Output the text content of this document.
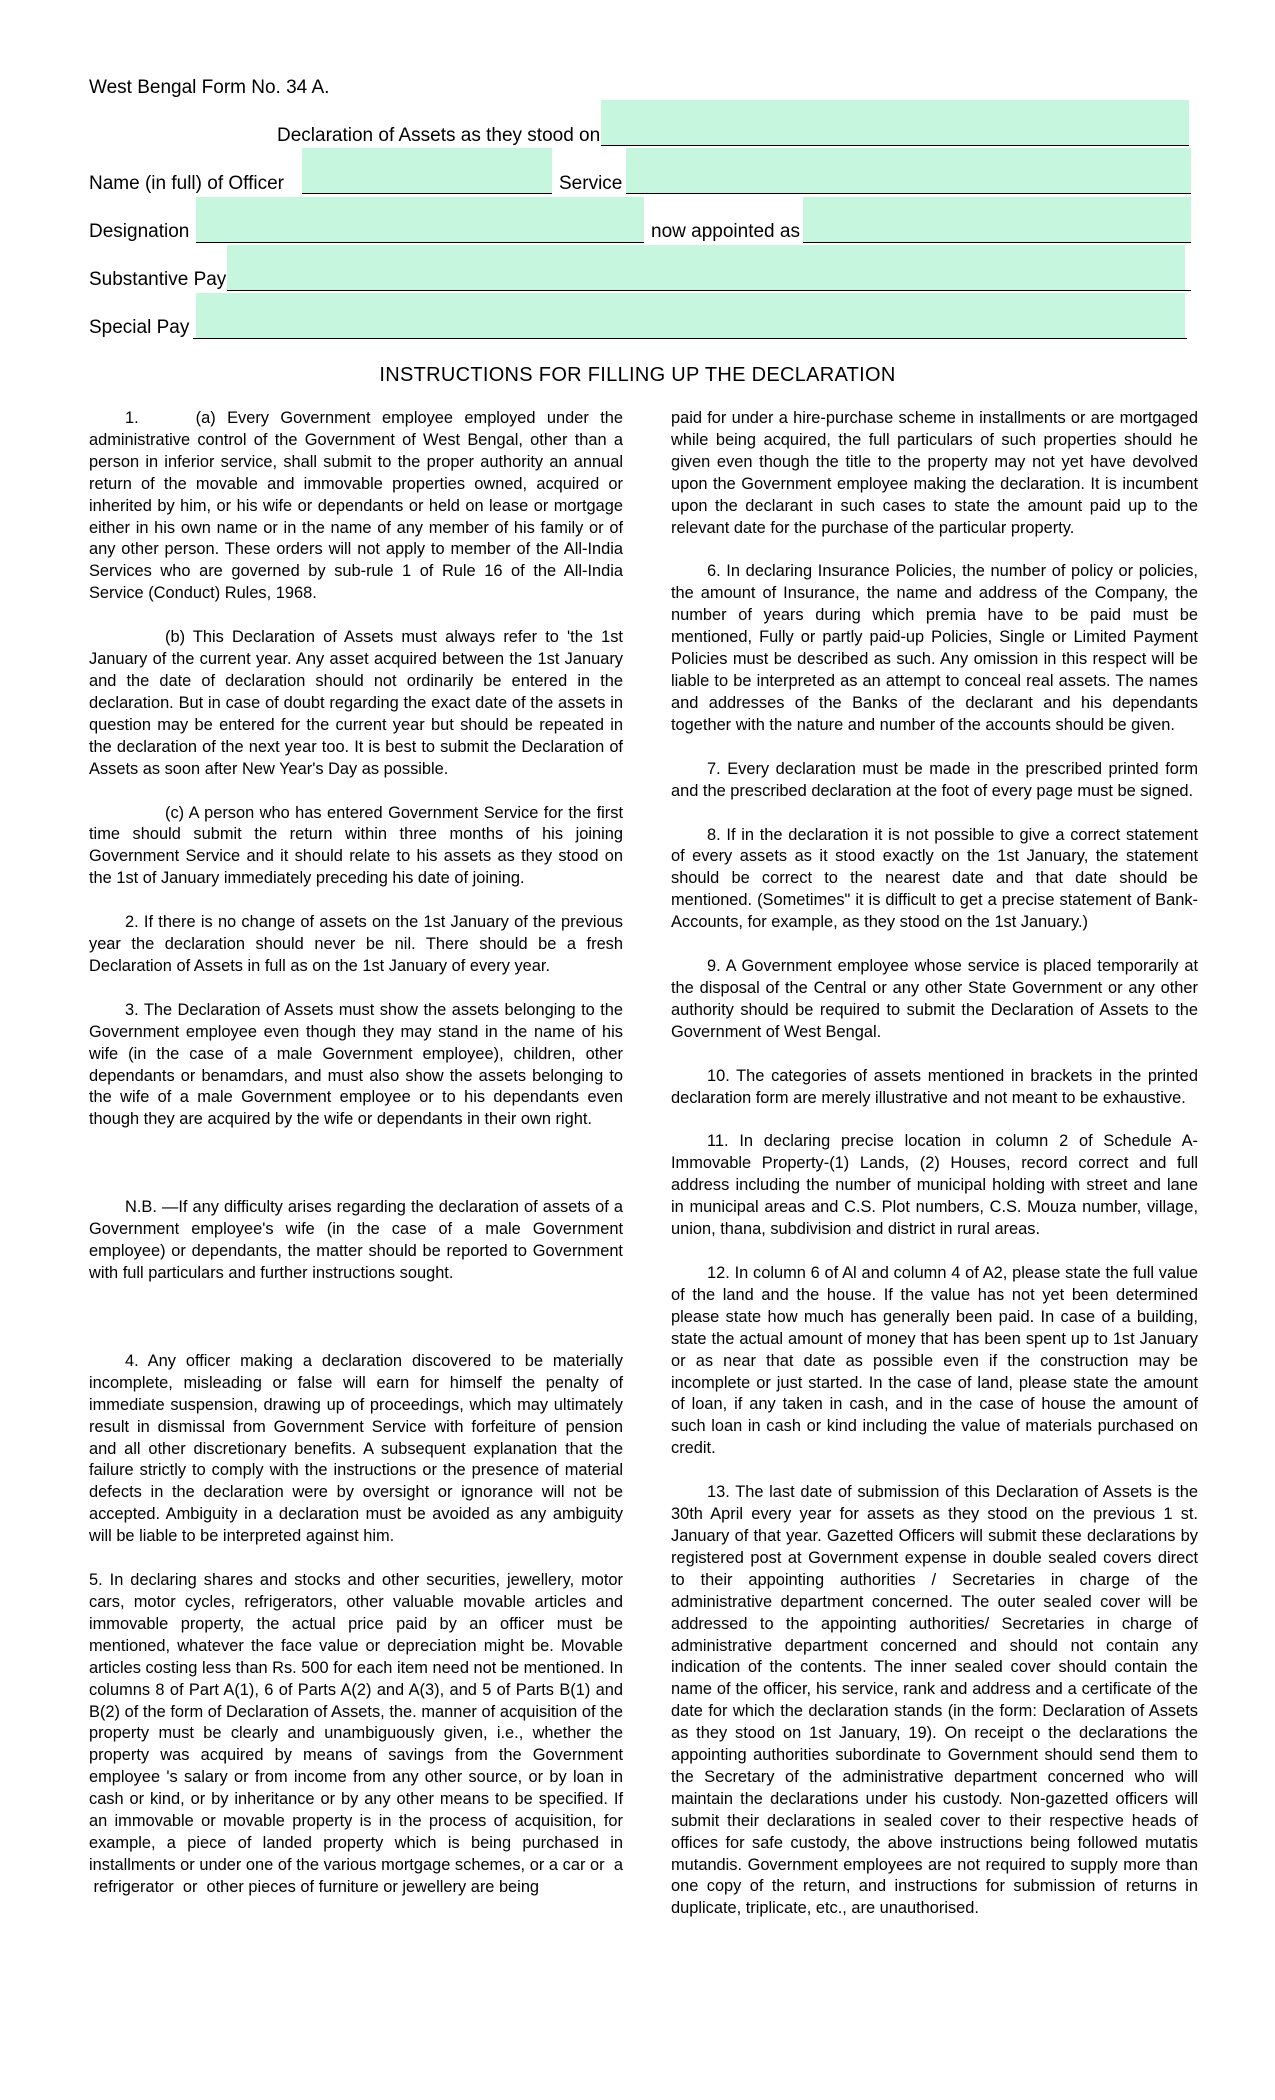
West Bengal Form No. 34 A.
Declaration of Assets as they stood on
Name (in full) of Officer	Service
Designation	now appointed as
Substantive Pay
Special Pay
INSTRUCTIONS FOR FILLING UP THE DECLARATION

1.     (a) Every Government employee employed under the administrative control of the Government of West Bengal, other than a person in inferior service, shall submit to the proper authority an annual return of the movable and immovable properties owned, acquired or inherited by him, or his wife or dependants or held on lease or mortgage either in his own name or in the name of any member of his family or of any other person. These orders will not apply to member of the All-India Services who are governed by sub-rule 1 of Rule 16 of the All-India Service (Conduct) Rules, 1968.

(b) This Declaration of Assets must always refer to 'the 1st January of the current year. Any asset acquired between the 1st January and the date of declaration should not ordinarily be entered in the declaration. But in case of doubt regarding the exact date of the assets in question may be entered for the current year but should be repeated in the declaration of the next year too. It is best to submit the Declaration of Assets as soon after New Year's Day as possible.

(c) A person who has entered Government Service for the first time should submit the return within three months of his joining Government Service and it should relate to his assets as they stood on the 1st of January immediately preceding his date of joining.

2. If there is no change of assets on the 1st January of the previous year the declaration should never be nil. There should be a fresh Declaration of Assets in full as on the 1st January of every year.

3. The Declaration of Assets must show the assets belonging to the Government employee even though they may stand in the name of his wife (in the case of a male Government employee), children, other dependants or benamdars, and must also show the assets belonging to the wife of a male Government employee or to his dependants even though they are acquired by the wife or dependants in their own right.

N.B. —If any difficulty arises regarding the declaration of assets of a Government employee's wife (in the case of a male Government employee) or dependants, the matter should be reported to Government with full particulars and further instructions sought.

4. Any officer making a declaration discovered to be materially incomplete, misleading or false will earn for himself the penalty of immediate suspension, drawing up of proceedings, which may ultimately result in dismissal from Government Service with forfeiture of pension and all other discretionary benefits. A subsequent explanation that the failure strictly to comply with the instructions or the presence of material defects in the declaration were by oversight or ignorance will not be accepted. Ambiguity in a declaration must be avoided as any ambiguity will be liable to be interpreted against him.

5. In declaring shares and stocks and other securities, jewellery, motor cars, motor cycles, refrigerators, other valuable movable articles and immovable property, the actual price paid by an officer must be mentioned, whatever the face value or depreciation might be. Movable articles costing less than Rs. 500 for each item need not be mentioned. In columns 8 of Part A(1), 6 of Parts A(2) and A(3), and 5 of Parts B(1) and B(2) of the form of Declaration of Assets, the. manner of acquisition of the property must be clearly and unambiguously given, i.e., whether the property was acquired by means of savings from the Government employee 's salary or from income from any other source, or by loan in cash or kind, or by inheritance or by any other means to be specified. If an immovable or movable property is in the process of acquisition, for example, a piece of landed property which is being purchased in installments or under one of the various mortgage schemes, or a car or  a  refrigerator  or  other pieces of furniture or jewellery are being

paid for under a hire-purchase scheme in installments or are mortgaged while being acquired, the full particulars of such properties should he given even though the title to the property may not yet have devolved upon the Government employee making the declaration. It is incumbent upon the declarant in such cases to state the amount paid up to the relevant date for the purchase of the particular property.

6. In declaring Insurance Policies, the number of policy or policies, the amount of Insurance, the name and address of the Company, the number of years during which premia have to be paid must be mentioned, Fully or partly paid-up Policies, Single or Limited Payment Policies must be described as such. Any omission in this respect will be liable to be interpreted as an attempt to conceal real assets. The names and addresses of the Banks of the declarant and his dependants together with the nature and number of the accounts should be given.

7. Every declaration must be made in the prescribed printed form and the prescribed declaration at the foot of every page must be signed.

8. If in the declaration it is not possible to give a correct statement of every assets as it stood exactly on the 1st January, the statement should be correct to the nearest date and that date should be mentioned. (Sometimes" it is difficult to get a precise statement of Bank-Accounts, for example, as they stood on the 1st January.)

9. A Government employee whose service is placed temporarily at the disposal of the Central or any other State Government or any other authority should be required to submit the Declaration of Assets to the Government of West Bengal.

10. The categories of assets mentioned in brackets in the printed declaration form are merely illustrative and not meant to be exhaustive.

11. In declaring precise location in column 2 of Schedule A-Immovable Property-(1) Lands, (2) Houses, record correct and full address including the number of municipal holding with street and lane in municipal areas and C.S. Plot numbers, C.S. Mouza number, village, union, thana, subdivision and district in rural areas.

12. In column 6 of Al and column 4 of A2, please state the full value of the land and the house. If the value has not yet been determined please state how much has generally been paid. In case of a building, state the actual amount of money that has been spent up to 1st January or as near that date as possible even if the construction may be incomplete or just started. In the case of land, please state the amount of loan, if any taken in cash, and in the case of house the amount of such loan in cash or kind including the value of materials purchased on credit.

13. The last date of submission of this Declaration of Assets is the 30th April every year for assets as they stood on the previous 1 st. January of that year. Gazetted Officers will submit these declarations by registered post at Government expense in double sealed covers direct to their appointing authorities / Secretaries in charge of the administrative department concerned. The outer sealed cover will be addressed to the appointing authorities/ Secretaries in charge of administrative department concerned and should not contain any indication of the contents. The inner sealed cover should contain the name of the officer, his service, rank and address and a certificate of the date for which the declaration stands (in the form: Declaration of Assets as they stood on 1st January, 19). On receipt o the declarations the appointing authorities subordinate to Government should send them to the Secretary of the administrative department concerned who will maintain the declarations under his custody. Non-gazetted officers will submit their declarations in sealed cover to their respective heads of offices for safe custody, the above instructions being followed mutatis mutandis. Government employees are not required to supply more than one copy of the return, and instructions for submission of returns in duplicate, triplicate, etc., are unauthorised.
